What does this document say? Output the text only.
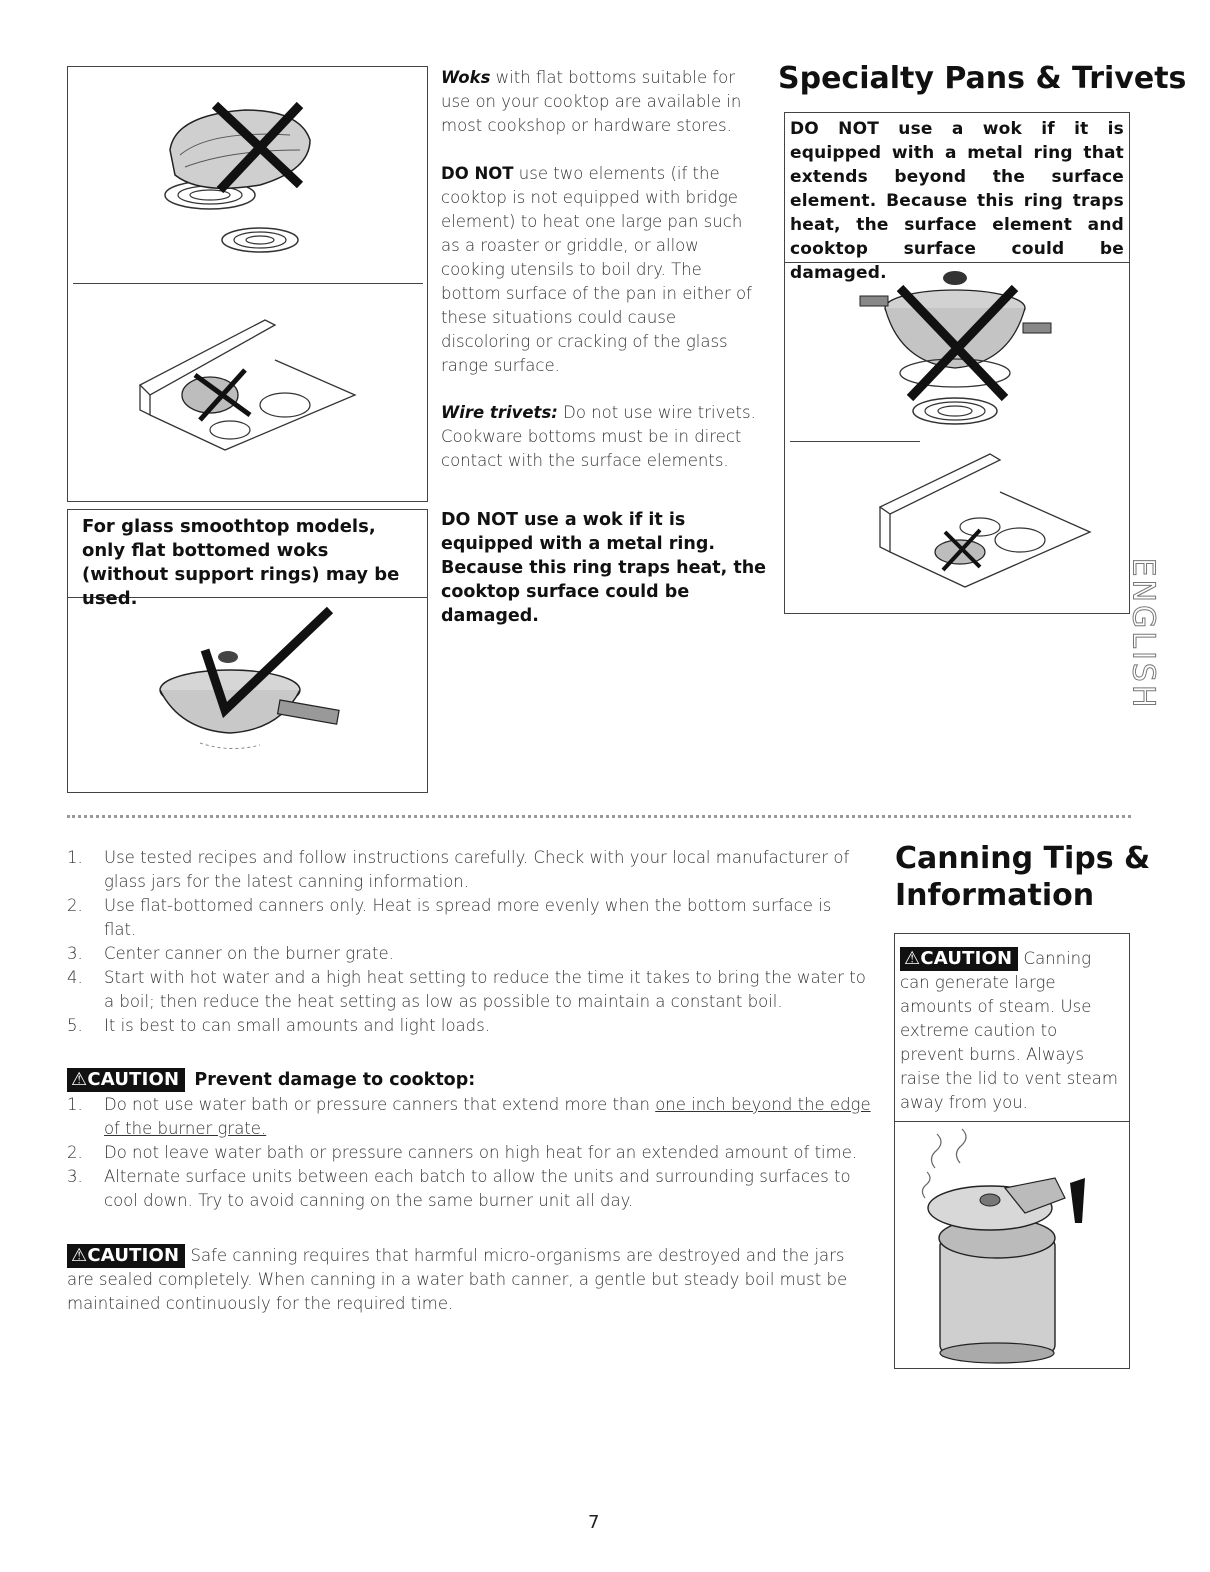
For glass smoothtop models, only flat bottomed woks (without support rings) may be used.
Woks with flat bottoms suitable for use on your cooktop are available in most cookshop or hardware stores.
DO NOT use two elements (if the cooktop is not equipped with bridge element) to heat one large pan such as a roaster or griddle, or allow cooking utensils to boil dry. The bottom surface of the pan in either of these situations could cause discoloring or cracking of the glass range surface.
Wire trivets: Do not use wire trivets. Cookware bottoms must be in direct contact with the surface elements.
DO NOT use a wok if it is equipped with a metal ring. Because this ring traps heat, the cooktop surface could be damaged.
Specialty Pans & Trivets
DO NOT use a wok if it is equipped with a metal ring that extends beyond the surface element. Because this ring traps heat, the surface element and cooktop surface could be damaged.
ENGLISH
1. Use tested recipes and follow instructions carefully. Check with your local manufacturer of glass jars for the latest canning information.
2. Use flat-bottomed canners only. Heat is spread more evenly when the bottom surface is flat.
3. Center canner on the burner grate.
4. Start with hot water and a high heat setting to reduce the time it takes to bring the water to a boil; then reduce the heat setting as low as possible to maintain a constant boil.
5. It is best to can small amounts and light loads.
⚠CAUTION Prevent damage to cooktop:
1. Do not use water bath or pressure canners that extend more than one inch beyond the edge of the burner grate.
2. Do not leave water bath or pressure canners on high heat for an extended amount of time.
3. Alternate surface units between each batch to allow the units and surrounding surfaces to cool down. Try to avoid canning on the same burner unit all day.
⚠CAUTION Safe canning requires that harmful micro-organisms are destroyed and the jars are sealed completely. When canning in a water bath canner, a gentle but steady boil must be maintained continuously for the required time.
Canning Tips &
Information
⚠CAUTION Canning can generate large amounts of steam. Use extreme caution to prevent burns. Always raise the lid to vent steam away from you.
7
